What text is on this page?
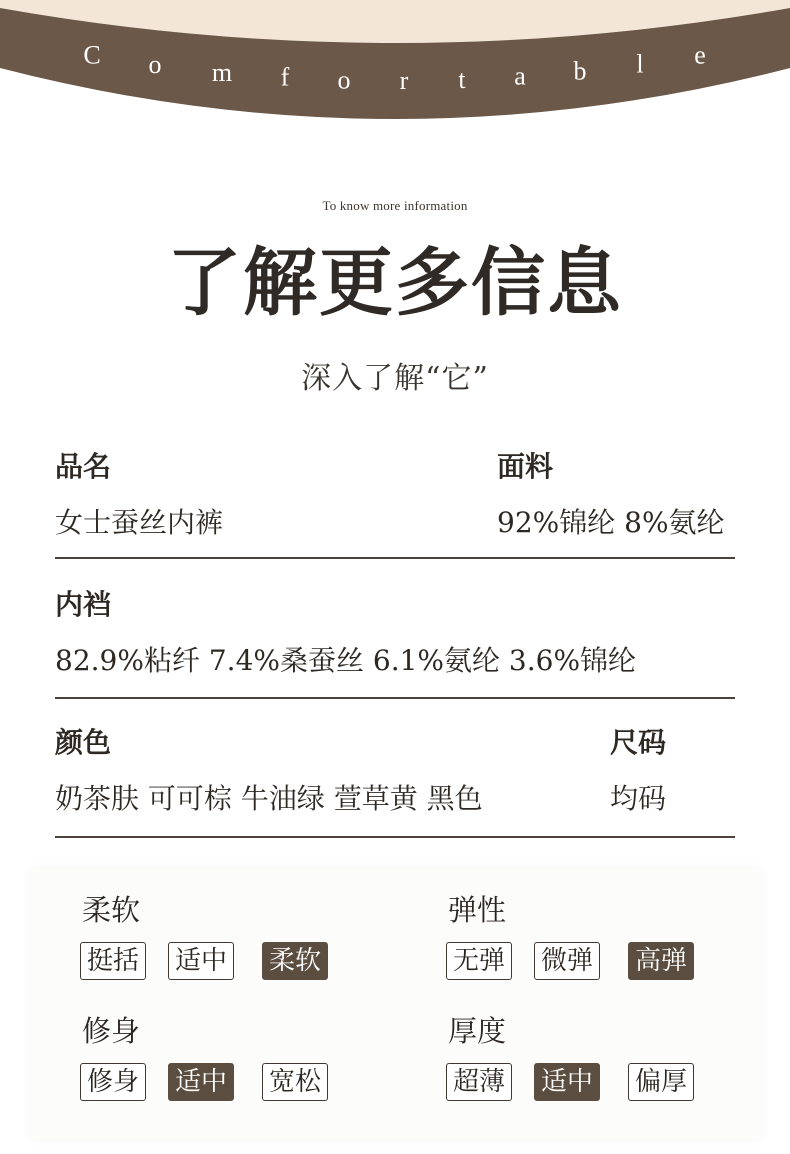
C o m f o r t a b l e
To know more information
了解更多信息
深入了解“它”
品名
女士蚕丝内裤
面料
92%锦纶 8%氨纶
内裆
82.9%粘纤 7.4%桑蚕丝 6.1%氨纶 3.6%锦纶
颜色
奶茶肤 可可棕 牛油绿 萱草黄 黑色
尺码
均码
柔软
挺括 适中 柔软
弹性
无弹 微弹 高弹
修身
修身 适中 宽松
厚度
超薄 适中 偏厚
